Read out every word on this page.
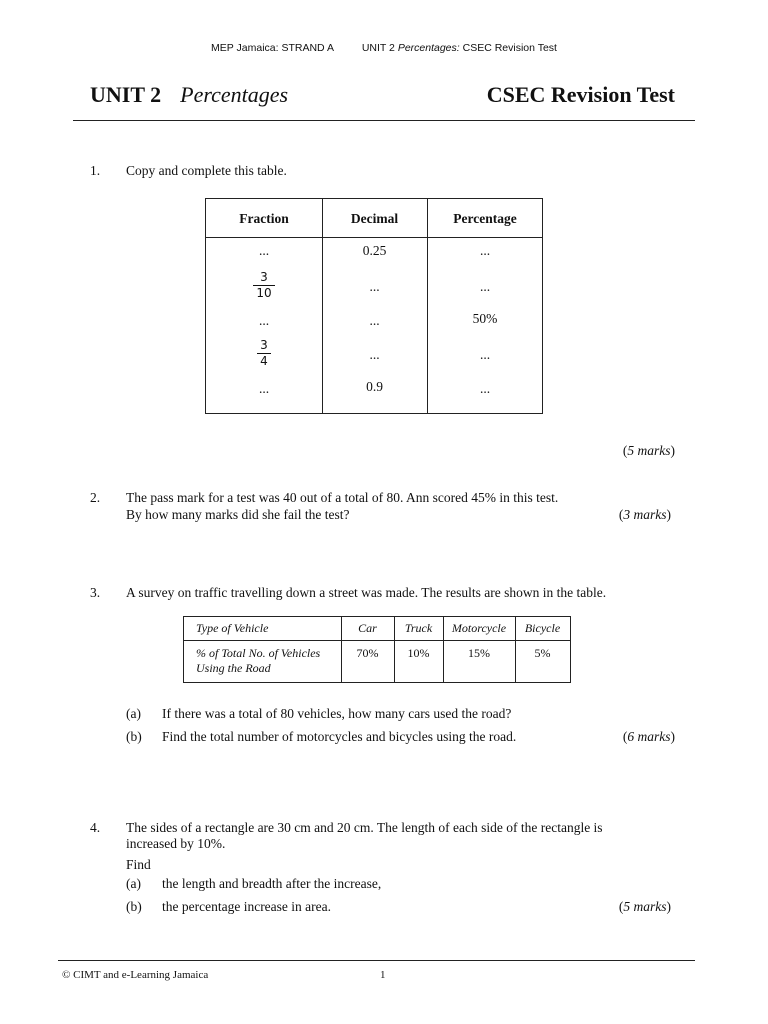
MEP Jamaica: STRAND A	UNIT 2 Percentages: CSEC Revision Test
UNIT 2 Percentages	CSEC Revision Test
1. Copy and complete this table.
Fraction	Decimal	Percentage
...	0.25	...
$\frac{3}{10}$	...	...
...	...	50%
$\frac{3}{4}$	...	...
...	0.9	...
(5 marks)
2. The pass mark for a test was 40 out of a total of 80. Ann scored 45% in this test.
By how many marks did she fail the test?	(3 marks)
3. A survey on traffic travelling down a street was made. The results are shown in the table.
Type of Vehicle	Car	Truck	Motorcycle	Bicycle
% of Total No. of Vehicles
Using the Road
70%	10%	15%	5%
(a) If there was a total of 80 vehicles, how many cars used the road?
(b) Find the total number of motorcycles and bicycles using the road.	(6 marks)
4. The sides of a rectangle are 30 cm and 20 cm. The length of each side of the rectangle is
increased by 10%.
Find
(a) the length and breadth after the increase,
(b) the percentage increase in area.	(5 marks)
© CIMT and e-Learning Jamaica	1
